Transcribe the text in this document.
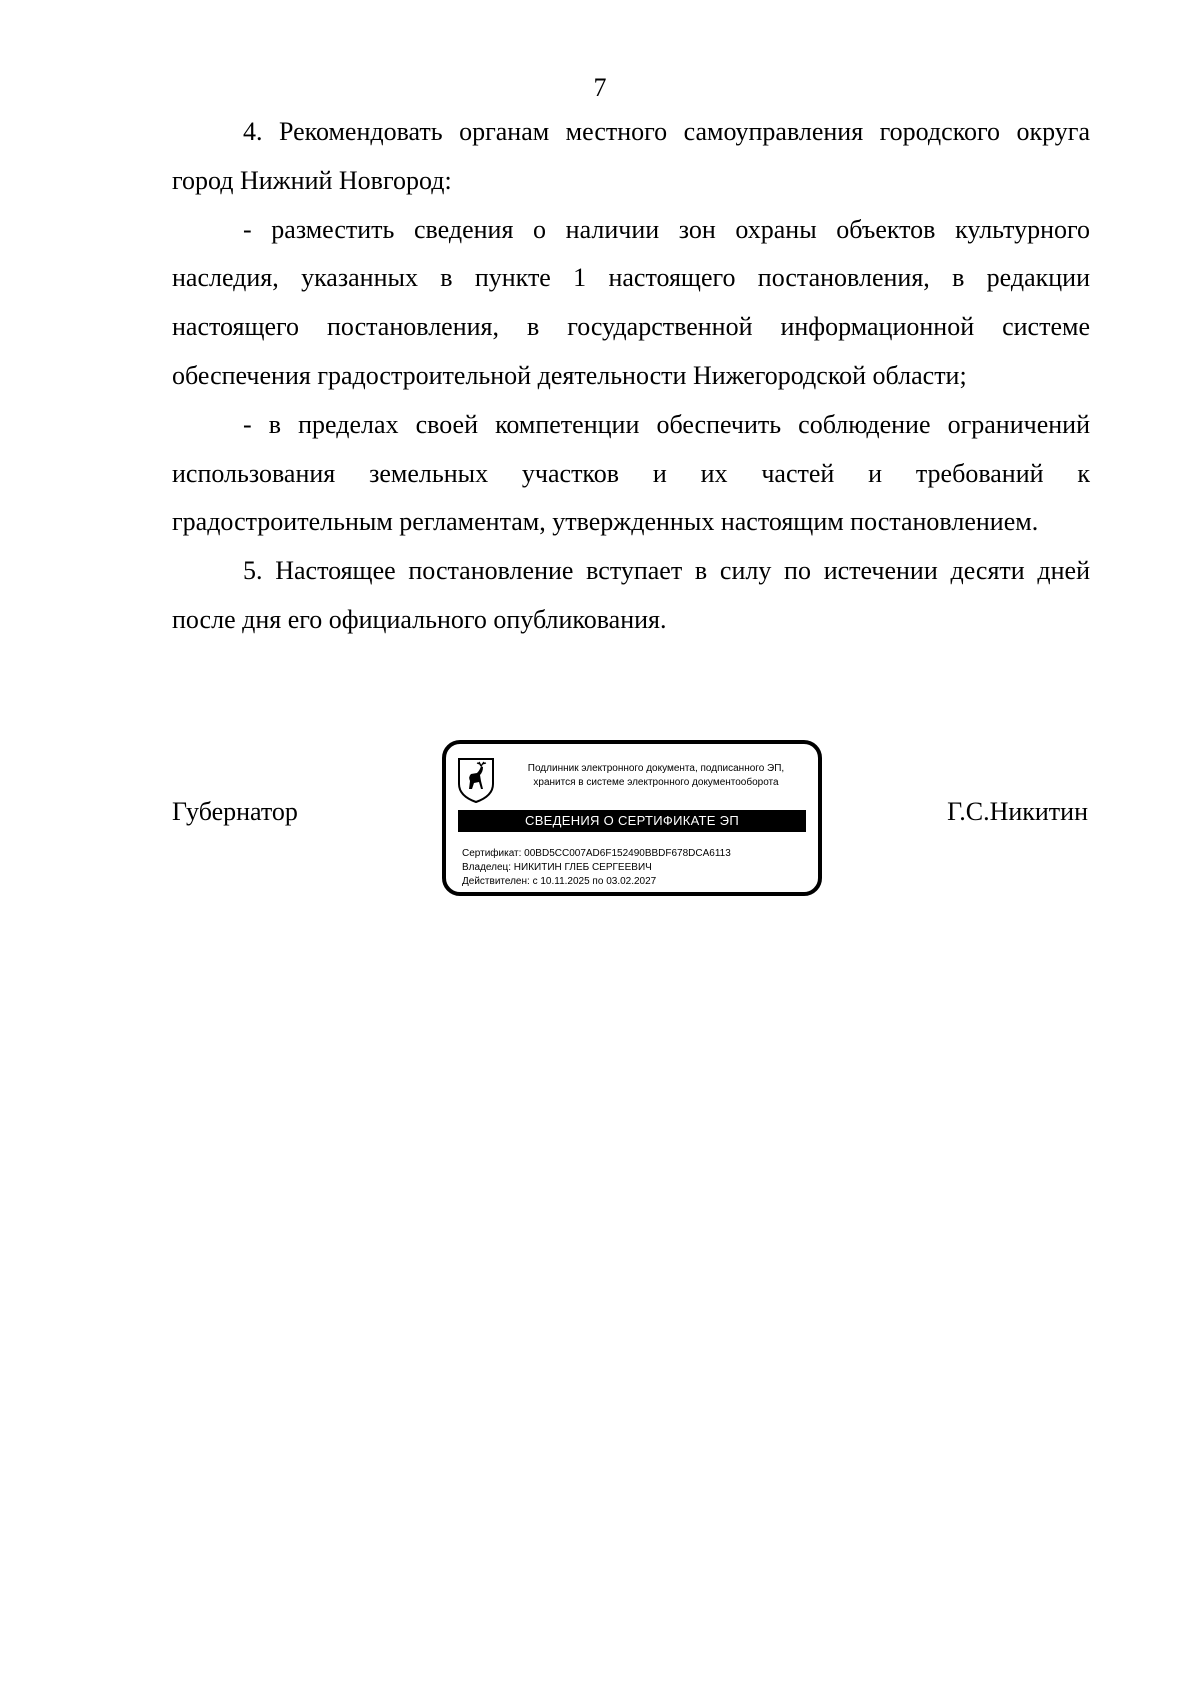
7

4. Рекомендовать органам местного самоуправления городского округа город Нижний Новгород:

- разместить сведения о наличии зон охраны объектов культурного наследия, указанных в пункте 1 настоящего постановления, в редакции настоящего постановления, в государственной информационной системе обеспечения градостроительной деятельности Нижегородской области;

- в пределах своей компетенции обеспечить соблюдение ограничений использования земельных участков и их частей и требований к градостроительным регламентам, утвержденных настоящим постановлением.

5. Настоящее постановление вступает в силу по истечении десяти дней после дня его официального опубликования.

Губернатор
Подлинник электронного документа, подписанного ЭП,
хранится в системе электронного документооборота
СВЕДЕНИЯ О СЕРТИФИКАТЕ ЭП
Сертификат: 00BD5CC007AD6F152490BBDF678DCA6113
Владелец: НИКИТИН ГЛЕБ СЕРГЕЕВИЧ
Действителен: с 10.11.2025 по 03.02.2027
Г.С.Никитин
